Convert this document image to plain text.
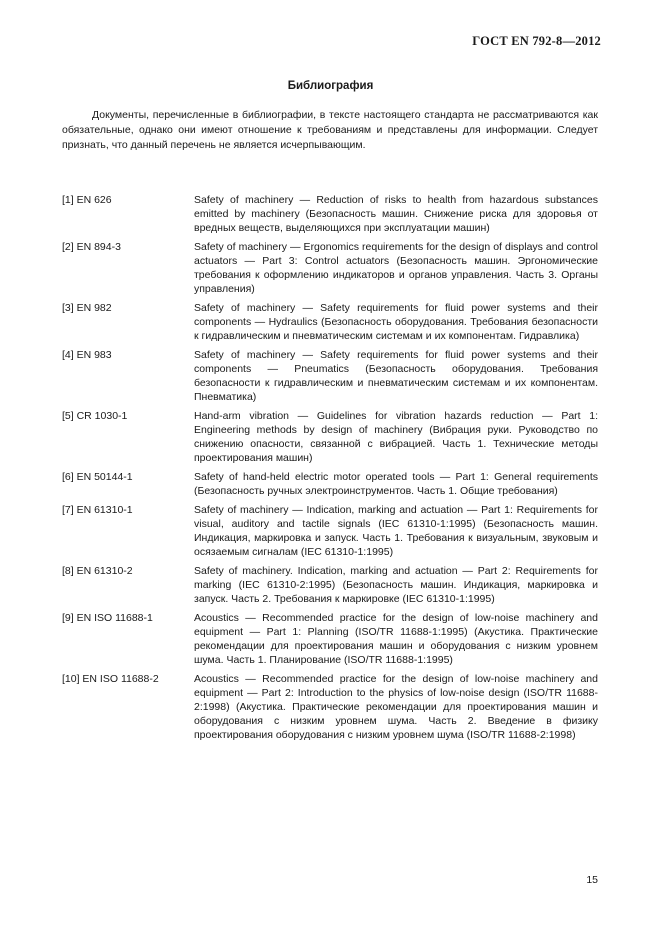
ГОСТ EN 792-8—2012
Библиография

Документы, перечисленные в библиографии, в тексте настоящего стандарта не рассматриваются как обязательные, однако они имеют отношение к требованиям и представлены для информации. Следует признать, что данный перечень не является исчерпывающим.

[1] EN 626	Safety of machinery — Reduction of risks to health from hazardous substances emitted by machinery (Безопасность машин. Снижение риска для здоровья от вредных веществ, выделяющихся при эксплуатации машин)
[2] EN 894-3	Safety of machinery — Ergonomics requirements for the design of displays and control actuators — Part 3: Control actuators (Безопасность машин. Эргономические требования к оформлению индикаторов и органов управления. Часть 3. Органы управления)
[3] EN 982	Safety of machinery — Safety requirements for fluid power systems and their components — Hydraulics (Безопасность оборудования. Требования безопасности к гидравлическим и пневматическим системам и их компонентам. Гидравлика)
[4] EN 983	Safety of machinery — Safety requirements for fluid power systems and their components — Pneumatics (Безопасность оборудования. Требования безопасности к гидравлическим и пневматическим системам и их компонентам. Пневматика)
[5] CR 1030-1	Hand-arm vibration — Guidelines for vibration hazards reduction — Part 1: Engineering methods by design of machinery (Вибрация руки. Руководство по снижению опасности, связанной с вибрацией. Часть 1. Технические методы проектирования машин)
[6] EN 50144-1	Safety of hand-held electric motor operated tools — Part 1: General requirements (Безопасность ручных электроинструментов. Часть 1. Общие требования)
[7] EN 61310-1	Safety of machinery — Indication, marking and actuation — Part 1: Requirements for visual, auditory and tactile signals (IEC 61310-1:1995) (Безопасность машин. Индикация, маркировка и запуск. Часть 1. Требования к визуальным, звуковым и осязаемым сигналам (IEC 61310-1:1995)
[8] EN 61310-2	Safety of machinery. Indication, marking and actuation — Part 2: Requirements for marking (IEC 61310-2:1995) (Безопасность машин. Индикация, маркировка и запуск. Часть 2. Требования к маркировке (IEC 61310-1:1995)
[9] EN ISO 11688-1	Acoustics — Recommended practice for the design of low-noise machinery and equipment — Part 1: Planning (ISO/TR 11688-1:1995) (Акустика. Практические рекомендации для проектирования машин и оборудования с низким уровнем шума. Часть 1. Планирование (ISO/TR 11688-1:1995)
[10] EN ISO 11688-2	Acoustics — Recommended practice for the design of low-noise machinery and equipment — Part 2: Introduction to the physics of low-noise design (ISO/TR 11688-2:1998) (Акустика. Практические рекомендации для проектирования машин и оборудования с низким уровнем шума. Часть 2. Введение в физику проектирования оборудования с низким уровнем шума (ISO/TR 11688-2:1998)
15
